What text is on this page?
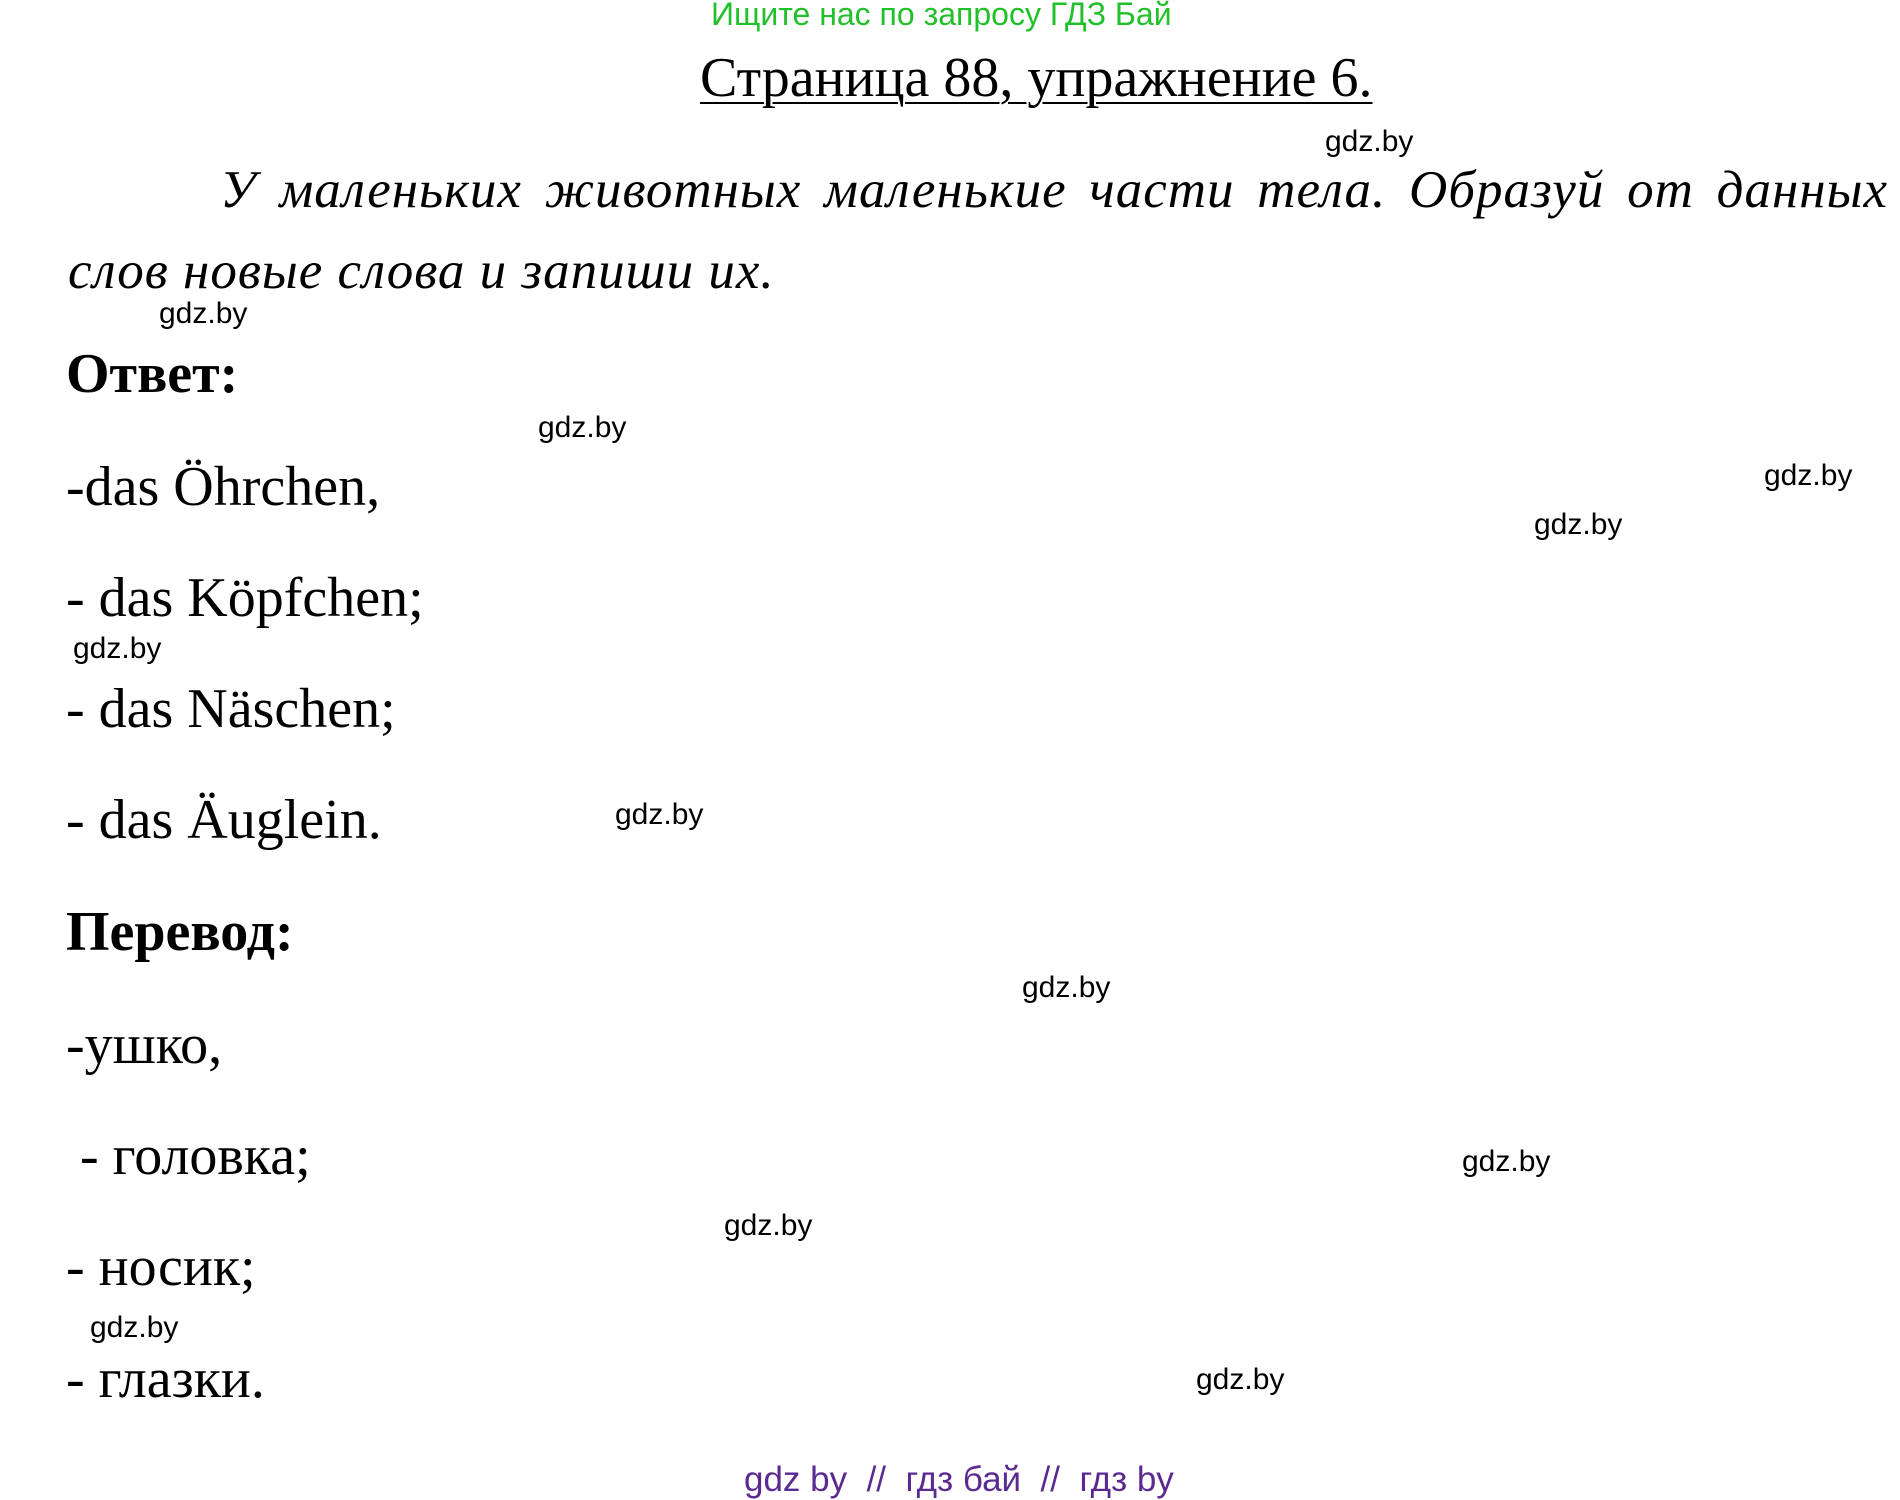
Ищите нас по запросу ГДЗ Бай
Страница 88, упражнение 6.
gdz.by
У маленьких животных маленькие части тела. Образуй от данных слов новые слова и запиши их.
gdz.by
Ответ:
gdz.by
gdz.by
gdz.by
-das Öhrchen,
- das Köpfchen;
gdz.by
- das Näschen;
gdz.by
- das Äuglein.
Перевод:
gdz.by
-ушко,
- головка;	gdz.by
gdz.by
- носик;
gdz.by
- глазки.	gdz.by
gdz by  //  гдз бай  //  гдз by
